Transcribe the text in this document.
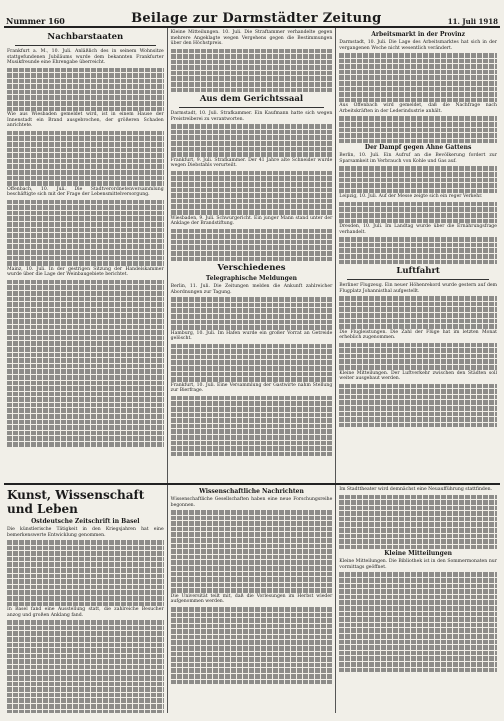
Nummer 160	Beilage zur Darmstädter Zeitung	11. Juli 1918
Nachbarstaaten

Frankfurt a. M., 10. Juli. Anläßlich des in seinem Wohnsitze stattgefundenen Jubiläums wurde dem bekannten Frankfurter Musikfreunde eine Ehrengabe überreicht.

Wie aus Wiesbaden gemeldet wird, ist in einem Hause der Innenstadt ein Brand ausgebrochen, der größeren Schaden anrichtete.

Offenbach, 10. Juli. Die Stadtverordnetenversammlung beschäftigte sich mit der Frage der Lebensmittelversorgung.

Mainz, 10. Juli. In der gestrigen Sitzung der Handelskammer wurde über die Lage der Weinbaugebiete berichtet.

Kleine Mitteilungen. 10. Juli. Die Straftammer verhandelte gegen mehrere Angeklagte wegen Vergehens gegen die Bestimmungen über den Höchstpreis.

Aus dem Gerichtssaal

Darmstadt, 10. Juli. Strafkammer. Ein Kaufmann hatte sich wegen Preistreiberei zu verantworten.

Frankfurt, 9. Juli. Strafkammer. Der 41 Jahre alte Schneider wurde wegen Diebstahls verurteilt.

Wiesbaden, 9. Juli. Schwurgericht. Ein junger Mann stand unter der Anklage der Brandstiftung.

Verschiedenes
Telegraphische Meldungen

Berlin, 11. Juli. Die Zeitungen melden die Ankunft zahlreicher Abordnungen zur Tagung.

Hamburg, 10. Juli. Im Hafen wurde ein großer Vorrat an Getreide gelöscht.

Frankfurt, 10. Juli. Eine Versammlung der Gastwirte nahm Stellung zur Bierfrage.

Arbeitsmarkt in der Provinz

Darmstadt, 10. Juli. Die Lage des Arbeitsmarktes hat sich in der vergangenen Woche nicht wesentlich verändert.

Aus Offenbach wird gemeldet, daß die Nachfrage nach Arbeitskräften in der Lederindustrie anhält.

Der Dampf gegen Ahne Gattens

Berlin, 10. Juli. Ein Aufruf an die Bevölkerung fordert zur Sparsamkeit im Verbrauch von Kohle und Gas auf.

Leipzig, 10. Juli. Auf der Messe zeigte sich ein reger Verkehr.

Dresden, 10. Juli. Im Landtag wurde über die Ernährungsfrage verhandelt.

Luftfahrt

Berliner Flugzeug. Ein neuer Höhenrekord wurde gestern auf dem Flugplatz Johannisthal aufgestellt.

Die Flugleistungen. Die Zahl der Flüge hat im letzten Monat erheblich zugenommen.

Kleine Mitteilungen. Der Luftverkehr zwischen den Städten soll weiter ausgebaut werden.

Kunst, Wissenschaft und Leben
Ostdeutsche Zeitschrift in Basel

Die künstlerische Tätigkeit in den Kriegsjahren hat eine bemerkenswerte Entwicklung genommen.

In Basel fand eine Ausstellung statt, die zahlreiche Besucher anzog und großen Anklang fand.

Wissenschaftliche Nachrichten

Wissenschaftliche Gesellschaften haben eine neue Forschungsreihe begonnen.

Die Universität teilt mit, daß die Vorlesungen im Herbst wieder aufgenommen werden.

Im Stadttheater wird demnächst eine Neuaufführung stattfinden.

Kleine Mitteilungen

Kleine Mitteilungen. Die Bibliothek ist in den Sommermonaten nur vormittags geöffnet.
